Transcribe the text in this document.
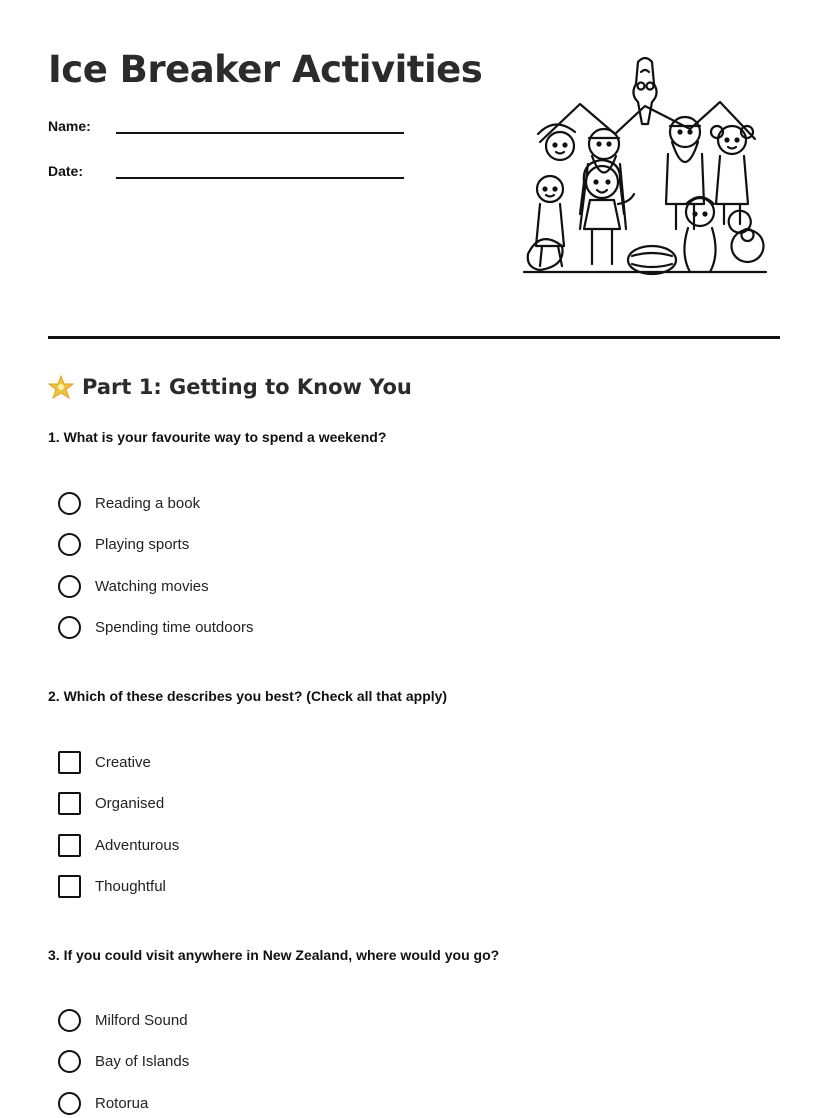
Ice Breaker Activities
Name:
Date:
Part 1: Getting to Know You
1. What is your favourite way to spend a weekend?
Reading a book
Playing sports
Watching movies
Spending time outdoors
2. Which of these describes you best? (Check all that apply)
Creative
Organised
Adventurous
Thoughtful
3. If you could visit anywhere in New Zealand, where would you go?
Milford Sound
Bay of Islands
Rotorua
